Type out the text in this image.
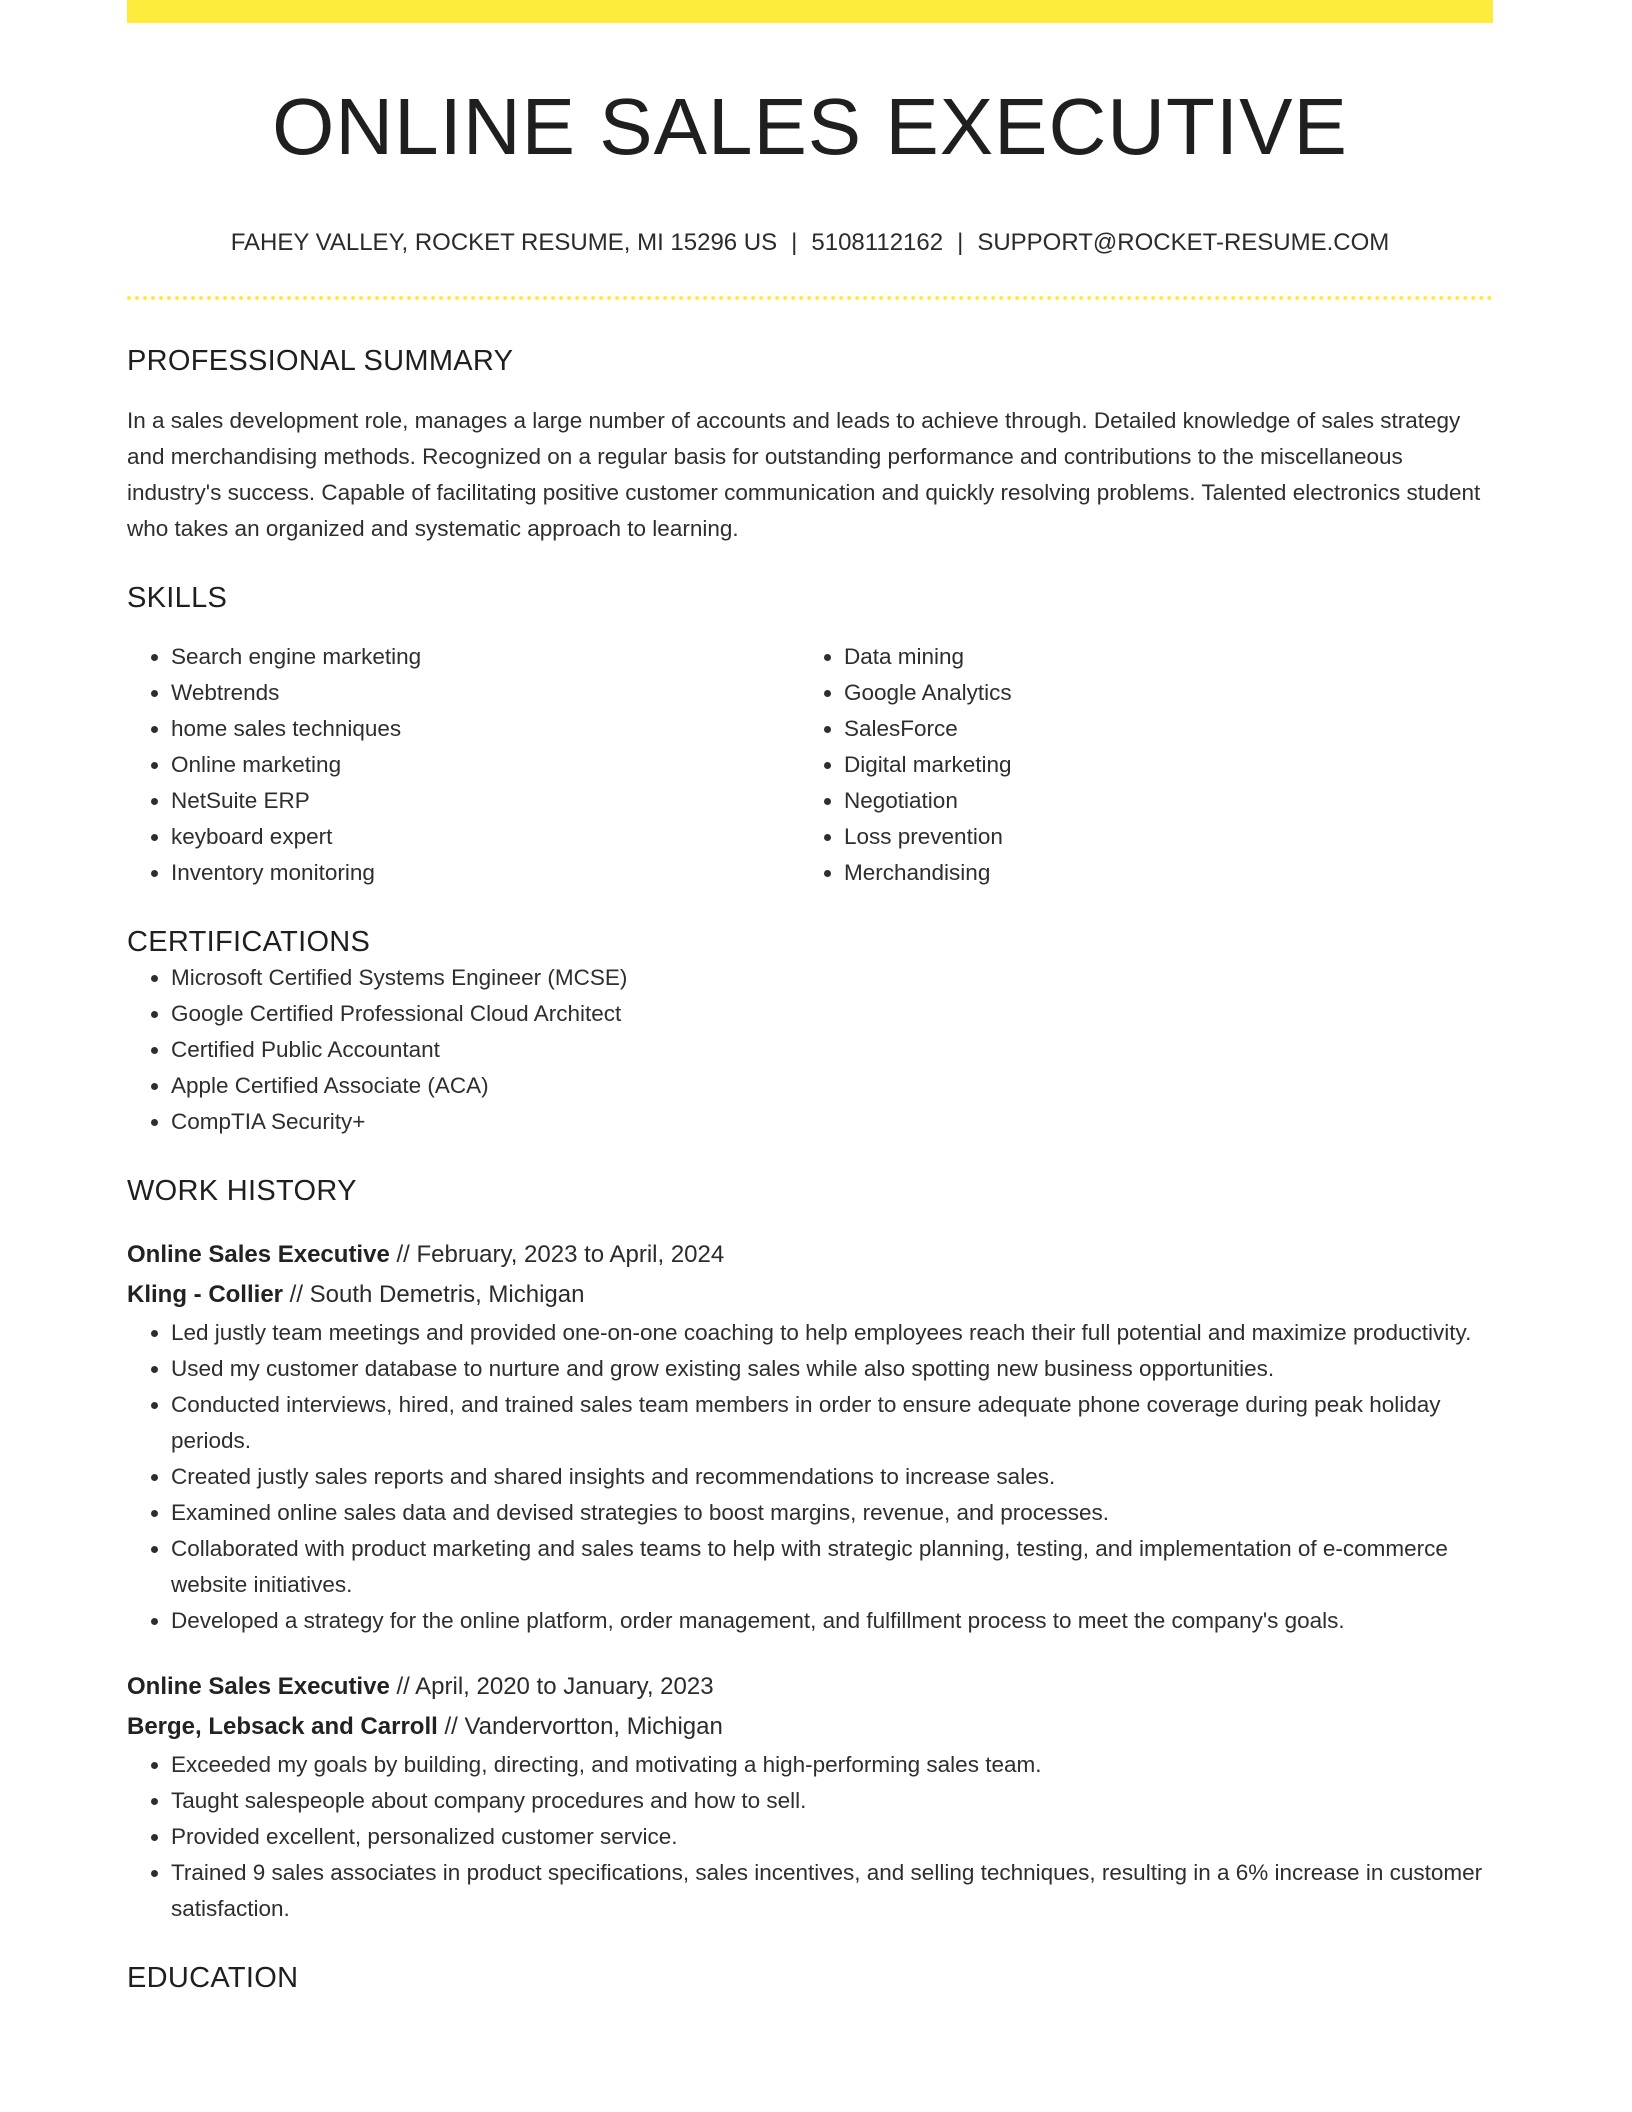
ONLINE SALES EXECUTIVE
FAHEY VALLEY, ROCKET RESUME, MI 15296 US | 5108112162 | SUPPORT@ROCKET-RESUME.COM
PROFESSIONAL SUMMARY

In a sales development role, manages a large number of accounts and leads to achieve through. Detailed knowledge of sales strategy and merchandising methods. Recognized on a regular basis for outstanding performance and contributions to the miscellaneous industry's success. Capable of facilitating positive customer communication and quickly resolving problems. Talented electronics student who takes an organized and systematic approach to learning.

SKILLS
• Search engine marketing
• Webtrends
• home sales techniques
• Online marketing
• NetSuite ERP
• keyboard expert
• Inventory monitoring
• Data mining
• Google Analytics
• SalesForce
• Digital marketing
• Negotiation
• Loss prevention
• Merchandising
CERTIFICATIONS
• Microsoft Certified Systems Engineer (MCSE)
• Google Certified Professional Cloud Architect
• Certified Public Accountant
• Apple Certified Associate (ACA)
• CompTIA Security+
WORK HISTORY
Online Sales Executive // February, 2023 to April, 2024
Kling - Collier // South Demetris, Michigan
• Led justly team meetings and provided one-on-one coaching to help employees reach their full potential and maximize productivity.
• Used my customer database to nurture and grow existing sales while also spotting new business opportunities.
• Conducted interviews, hired, and trained sales team members in order to ensure adequate phone coverage during peak holiday periods.
• Created justly sales reports and shared insights and recommendations to increase sales.
• Examined online sales data and devised strategies to boost margins, revenue, and processes.
• Collaborated with product marketing and sales teams to help with strategic planning, testing, and implementation of e-commerce website initiatives.
• Developed a strategy for the online platform, order management, and fulfillment process to meet the company's goals.
Online Sales Executive // April, 2020 to January, 2023
Berge, Lebsack and Carroll // Vandervortton, Michigan
• Exceeded my goals by building, directing, and motivating a high-performing sales team.
• Taught salespeople about company procedures and how to sell.
• Provided excellent, personalized customer service.
• Trained 9 sales associates in product specifications, sales incentives, and selling techniques, resulting in a 6% increase in customer satisfaction.
EDUCATION
